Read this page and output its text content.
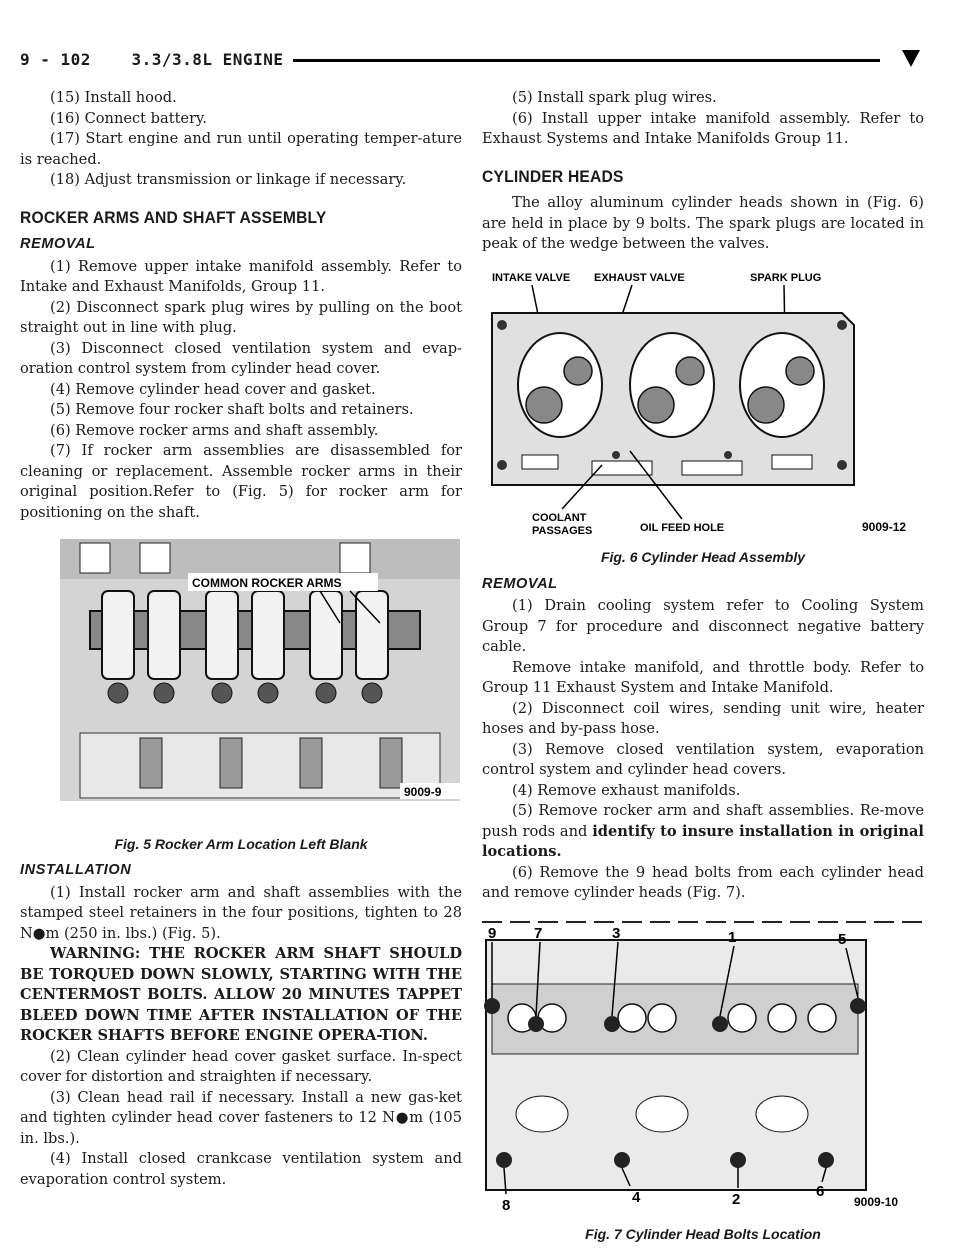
9 - 102	3.3/3.8L ENGINE

(15) Install hood.

(16) Connect battery.

(17) Start engine and run until operating temper-ature is reached.

(18) Adjust transmission or linkage if necessary.

ROCKER ARMS AND SHAFT ASSEMBLY
REMOVAL

(1) Remove upper intake manifold assembly. Refer to Intake and Exhaust Manifolds, Group 11.

(2) Disconnect spark plug wires by pulling on the boot straight out in line with plug.

(3) Disconnect closed ventilation system and evap-oration control system from cylinder head cover.

(4) Remove cylinder head cover and gasket.

(5) Remove four rocker shaft bolts and retainers.

(6) Remove rocker arms and shaft assembly.

(7) If rocker arm assemblies are disassembled for cleaning or replacement. Assemble rocker arms in their original position.Refer to (Fig. 5) for rocker arm for positioning on the shaft.

COMMON ROCKER ARMS
9009-9
Fig. 5 Rocker Arm Location Left Blank
INSTALLATION

(1) Install rocker arm and shaft assemblies with the stamped steel retainers in the four positions, tighten to 28 N●m (250 in. lbs.) (Fig. 5).

WARNING: THE ROCKER ARM SHAFT SHOULD BE TORQUED DOWN SLOWLY, STARTING WITH THE CENTERMOST BOLTS. ALLOW 20 MINUTES TAPPET BLEED DOWN TIME AFTER INSTALLATION OF THE ROCKER SHAFTS BEFORE ENGINE OPERA-TION.

(2) Clean cylinder head cover gasket surface. In-spect cover for distortion and straighten if necessary.

(3) Clean head rail if necessary. Install a new gas-ket and tighten cylinder head cover fasteners to 12 N●m (105 in. lbs.).

(4) Install closed crankcase ventilation system and evaporation control system.

(5) Install spark plug wires.

(6) Install upper intake manifold assembly. Refer to Exhaust Systems and Intake Manifolds Group 11.

CYLINDER HEADS

The alloy aluminum cylinder heads shown in (Fig. 6) are held in place by 9 bolts. The spark plugs are located in peak of the wedge between the valves.

INTAKE VALVE EXHAUST VALVE	SPARK PLUG
COOLANT
PASSAGES	OIL FEED HOLE	9009-12
Fig. 6 Cylinder Head Assembly
REMOVAL

(1) Drain cooling system refer to Cooling System Group 7 for procedure and disconnect negative battery cable.

Remove intake manifold, and throttle body. Refer to Group 11 Exhaust System and Intake Manifold.

(2) Disconnect coil wires, sending unit wire, heater hoses and by-pass hose.

(3) Remove closed ventilation system, evaporation control system and cylinder head covers.

(4) Remove exhaust manifolds.

(5) Remove rocker arm and shaft assemblies. Re-move push rods and identify to insure installation in original locations.

(6) Remove the 9 head bolts from each cylinder head and remove cylinder heads (Fig. 7).

9	7	3	1	5
8	4	2	6
9009-10
Fig. 7 Cylinder Head Bolts Location
